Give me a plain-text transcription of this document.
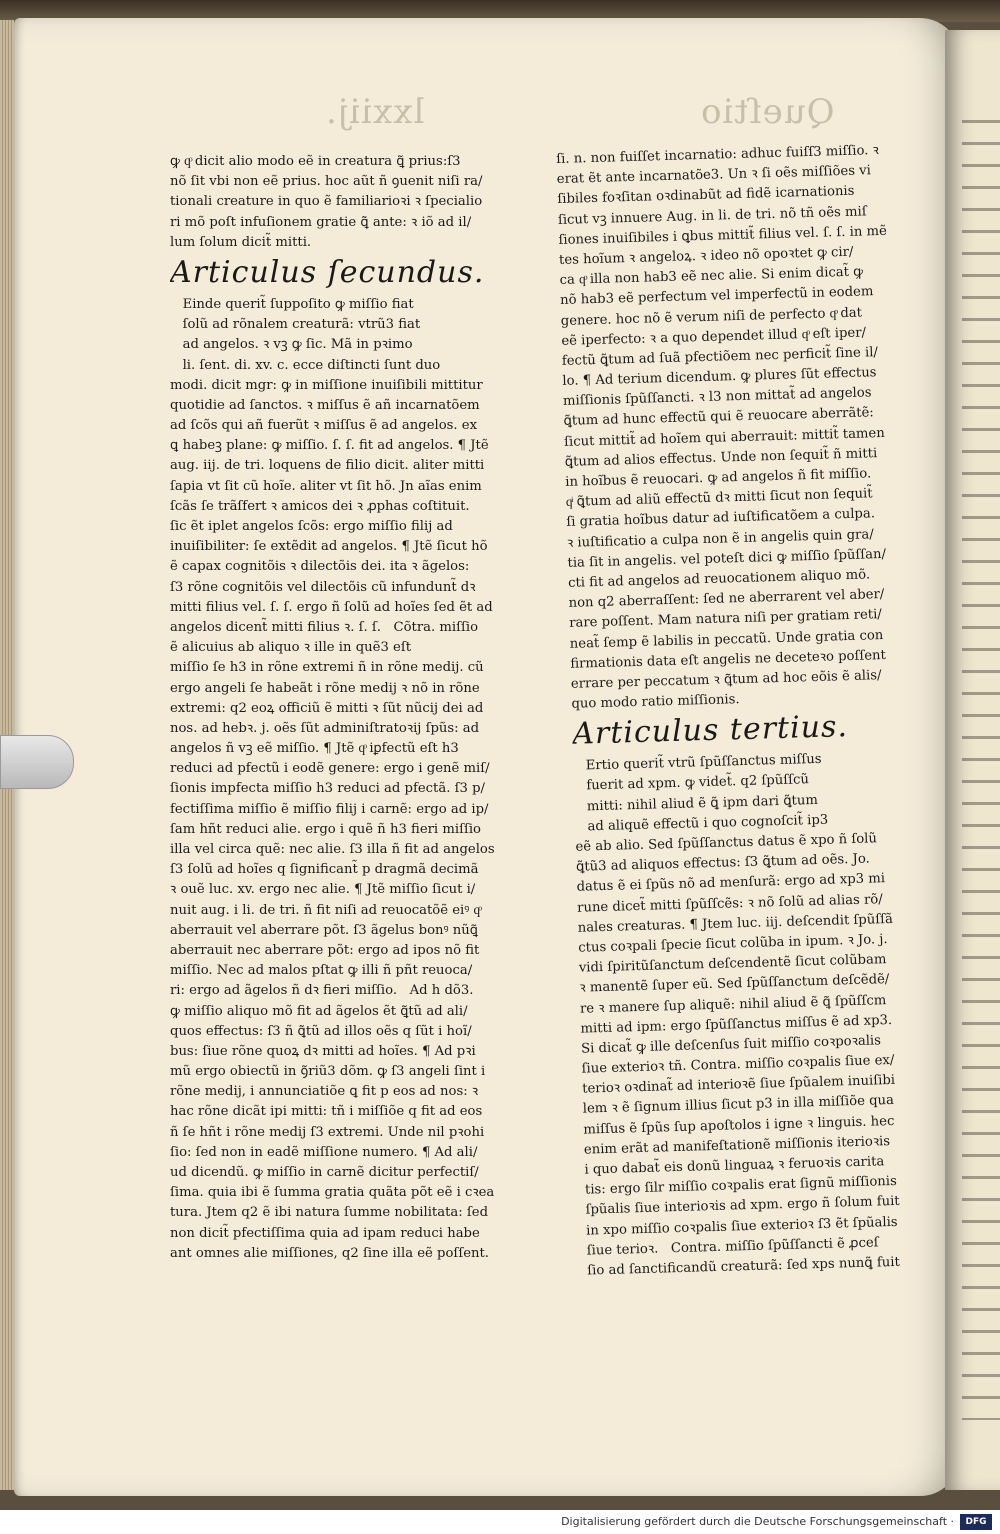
lxxiij.	Queſtio
ꝙ qͦ dicit alio modo eẽ in creatura ꝗ̃ prius:ſ3
nõ ſit vbi non eẽ prius. hoc aũt ñ ꝯuenit niſi ra/
tionali creature in quo ẽ familiarioꝛi ꝛ ſpecialio
ri mõ poſt infuſionem gratie ꝗ̃ ante: ꝛ iõ ad il/
lum ſolum dicit̃ mitti.
Articulus ſecundus.
Einde querit̃ ſuppoſito ꝙ miſſio fiat
ſolũ ad rõnalem creaturã: vtrũ3 fiat
ad angelos. ꝛ vꝫ ꝙ ſic. Mã in pꝛimo
li. ſent. di. xv. c. ecce diſtincti ſunt duo
modi. dicit mgr: ꝙ in miſſione inuiſibili mittitur
quotidie ad ſanctos. ꝛ miſſus ẽ añ incarnatõem
ad ſcõs qui añ fuerũt ꝛ miſſus ẽ ad angelos. ex
ꝗ habeꝫ plane: ꝙ miſſio. ſ. ſ. fit ad angelos. ¶ Jtẽ
aug. iij. de tri. loquens de filio dicit. aliter mitti
ſapia vt ſit cũ hoĩe. aliter vt ſit hõ. Jn aĩas enim
ſcãs ſe trãſfert ꝛ amicos dei ꝛ ꝓphas coſtituit.
ſic ẽt iplet angelos ſcõs: ergo miſſio filij ad
inuiſibiliter: ſe extẽdit ad angelos. ¶ Jtẽ ſicut hõ
ẽ capax cognitõis ꝛ dilectõis dei. ita ꝛ ãgelos:
ſ3 rõne cognitõis vel dilectõis cũ infundunt̃ dꝛ
mitti filius vel. ſ. ſ. ergo ñ ſolũ ad hoĩes ſed ẽt ad
angelos dicent̃ mitti filius ꝛ. ſ. ſ.   Cõtra. miſſio
ẽ alicuius ab aliquo ꝛ ille in quẽ3 eſt
miſſio ſe h3 in rõne extremi ñ in rõne medij. cũ
ergo angeli ſe habeãt i rõne medij ꝛ nõ in rõne
extremi: q2 eoꝝ officiũ ẽ mitti ꝛ ſũt nũcij dei ad
nos. ad hebꝛ. j. oẽs ſũt adminiſtratoꝛij ſpũs: ad
angelos ñ vꝫ eẽ miſſio. ¶ Jtẽ qͦ iꝑfectũ eſt h3
reduci ad pfectũ i eodẽ genere: ergo i genẽ miſ/
ſionis impfecta miſſio h3 reduci ad pfectã. ſ3 p/
fectiſſima miſſio ẽ miſſio filij i carnẽ: ergo ad ip/
ſam hñt reduci alie. ergo i quẽ ñ h3 fieri miſſio
illa vel circa quẽ: nec alie. ſ3 illa ñ fit ad angelos
ſ3 ſolũ ad hoĩes q ſignificant̃ p dragmã decimã
ꝛ ouẽ luc. xv. ergo nec alie. ¶ Jtẽ miſſio ſicut i/
nuit aug. i li. de tri. ñ fit niſi ad reuocatõẽ eiꝰ qͦ
aberrauit vel aberrare põt. ſ3 ãgelus bonꝰ nũꝗ̃
aberrauit nec aberrare põt: ergo ad ipos nõ fit
miſſio. Nec ad malos pſtat ꝙ illi ñ pñt reuoca/
ri: ergo ad ãgelos ñ dꝛ fieri miſſio.   Ad h dõ3.
ꝙ miſſio aliquo mõ fit ad ãgelos ẽt ꝗ̃tũ ad ali/
quos effectus: ſ3 ñ ꝗ̃tũ ad illos oẽs q ſũt i hoĩ/
bus: ſiue rõne quoꝝ dꝛ mitti ad hoĩes. ¶ Ad pꝛi
mũ ergo obiectũ in ꝯ̃riũ3 dõm. ꝙ ſ3 angeli ſint i
rõne medij, i annunciatiõe ꝗ fit p eos ad nos: ꝛ
hac rõne dicãt ipi mitti: tñ i miſſiõe q fit ad eos
ñ ſe hñt i rõne medij ſ3 extremi. Unde nil pꝛohi
ſio: ſed non in eadẽ miſſione numero. ¶ Ad ali/
ud dicendũ. ꝙ miſſio in carnẽ dicitur perfectiſ/
ſima. quia ibi ẽ ſumma gratia quãta põt eẽ i cꝛea
tura. Jtem q2 ẽ ibi natura ſumme nobilitata: ſed
non dicit̃ pfectiſſima quia ad ipam reduci habe
ant omnes alie miſſiones, q2 ſine illa eẽ poſſent.
ſi. n. non fuiſſet incarnatio: adhuc fuiſſ3 miſſio. ꝛ
erat ẽt ante incarnatõe3. Un ꝛ ſi oẽs miſſiões vi
ſibiles foꝛſitan oꝛdinabũt ad fidẽ icarnationis
ſicut vꝫ innuere Aug. in li. de tri. nõ tñ oẽs miſ
ſiones inuiſibiles i ꝗbus mittit̃ filius vel. ſ. ſ. in mẽ
tes hoĩum ꝛ angeloꝝ. ꝛ ideo nõ opoꝛtet ꝙ cir/
ca qͦ illa non hab3 eẽ nec alie. Si enim dicat̃ ꝙ
nõ hab3 eẽ perfectum vel imperfectũ in eodem
genere. hoc nõ ẽ verum niſi de perfecto qͦ dat
eẽ iperfecto: ꝛ a quo dependet illud qͦ eſt iper/
fectũ ꝗ̃tum ad ſuã pfectiõem nec perficit̃ ſine il/
lo. ¶ Ad terium dicendum. ꝙ plures ſũt effectus
miſſionis ſpũſſancti. ꝛ l3 non mittat̃ ad angelos
ꝗ̃tum ad hunc effectũ qui ẽ reuocare aberrãtẽ:
ſicut mittit̃ ad hoĩem qui aberrauit: mittit̃ tamen
ꝗ̃tum ad alios effectus. Unde non ſequit̃ ñ mitti
in hoĩbus ẽ reuocari. ꝙ ad angelos ñ fit miſſio.
qͥ ꝗ̃tum ad aliũ effectũ dꝛ mitti ſicut non ſequit̃
ſi gratia hoĩbus datur ad iuſtificatõem a culpa.
ꝛ iuſtificatio a culpa non ẽ in angelis quin gra/
tia ſit in angelis. vel poteſt dici ꝙ miſſio ſpũſſan/
cti fit ad angelos ad reuocationem aliquo mõ.
non q2 aberraſſent: ſed ne aberrarent vel aber/
rare poſſent. Mam natura niſi per gratiam reti/
neat̃ ſemp ẽ labilis in peccatũ. Unde gratia con
firmationis data eſt angelis ne deceteꝛo poſſent
errare per peccatum ꝛ ꝗ̃tum ad hoc eõis ẽ alis/
quo modo ratio miſſionis.
Articulus tertius.
Ertio querit̃ vtrũ ſpũſſanctus miſſus
fuerit ad xpm. ꝙ videt̃. q2 ſpũſſcũ
mitti: nihil aliud ẽ ꝗ̃ ipm dari ꝗ̃tum
ad aliquẽ effectũ i quo cognoſcit̃ ip3
eẽ ab alio. Sed ſpũſſanctus datus ẽ xpo ñ ſolũ
ꝗ̃tũ3 ad aliquos effectus: ſ3 ꝗ̃tum ad oẽs. Jo.
datus ẽ ei ſpũs nõ ad menſurã: ergo ad xp3 mi
rune dicet̃ mitti ſpũſſcẽs: ꝛ nõ ſolũ ad alias rõ/
nales creaturas. ¶ Jtem luc. iij. deſcendit ſpũſſã
ctus coꝛpali ſpecie ſicut colũba in ipum. ꝛ Jo. j.
vidi ſpiritũſanctum deſcendentẽ ſicut colũbam
ꝛ manentẽ ſuper eũ. Sed ſpũſſanctum deſcẽdẽ/
re ꝛ manere ſup aliquẽ: nihil aliud ẽ ꝗ̃ ſpũſſcm
mitti ad ipm: ergo ſpũſſanctus miſſus ẽ ad xp3.
Si dicat̃ ꝙ ille deſcenſus ſuit miſſio coꝛpoꝛalis
ſiue exterioꝛ tñ. Contra. miſſio coꝛpalis ſiue ex/
terioꝛ oꝛdinat̃ ad interioꝛẽ ſiue ſpũalem inuiſibi
lem ꝛ ẽ ſignum illius ſicut p3 in illa miſſiõe qua
miſſus ẽ ſpũs ſup apoſtolos i igne ꝛ linguis. hec
enim erãt ad manifeſtationẽ miſſionis iterioꝛis
i quo dabat̃ eis donũ linguaꝝ ꝛ feruoꝛis carita
tis: ergo ſilr miſſio coꝛpalis erat ſignũ miſſionis
ſpũalis ſiue interioꝛis ad xpm. ergo ñ ſolum fuit
in xpo miſſio coꝛpalis ſiue exterioꝛ ſ3 ẽt ſpũalis
ſiue terioꝛ.   Contra. miſſio ſpũſſancti ẽ ꝓceſ
ſio ad ſanctificandũ creaturã: ſed xps nunꝗ̃ fuit
Digitalisierung gefördert durch die Deutsche Forschungsgemeinschaft ·	DFG
